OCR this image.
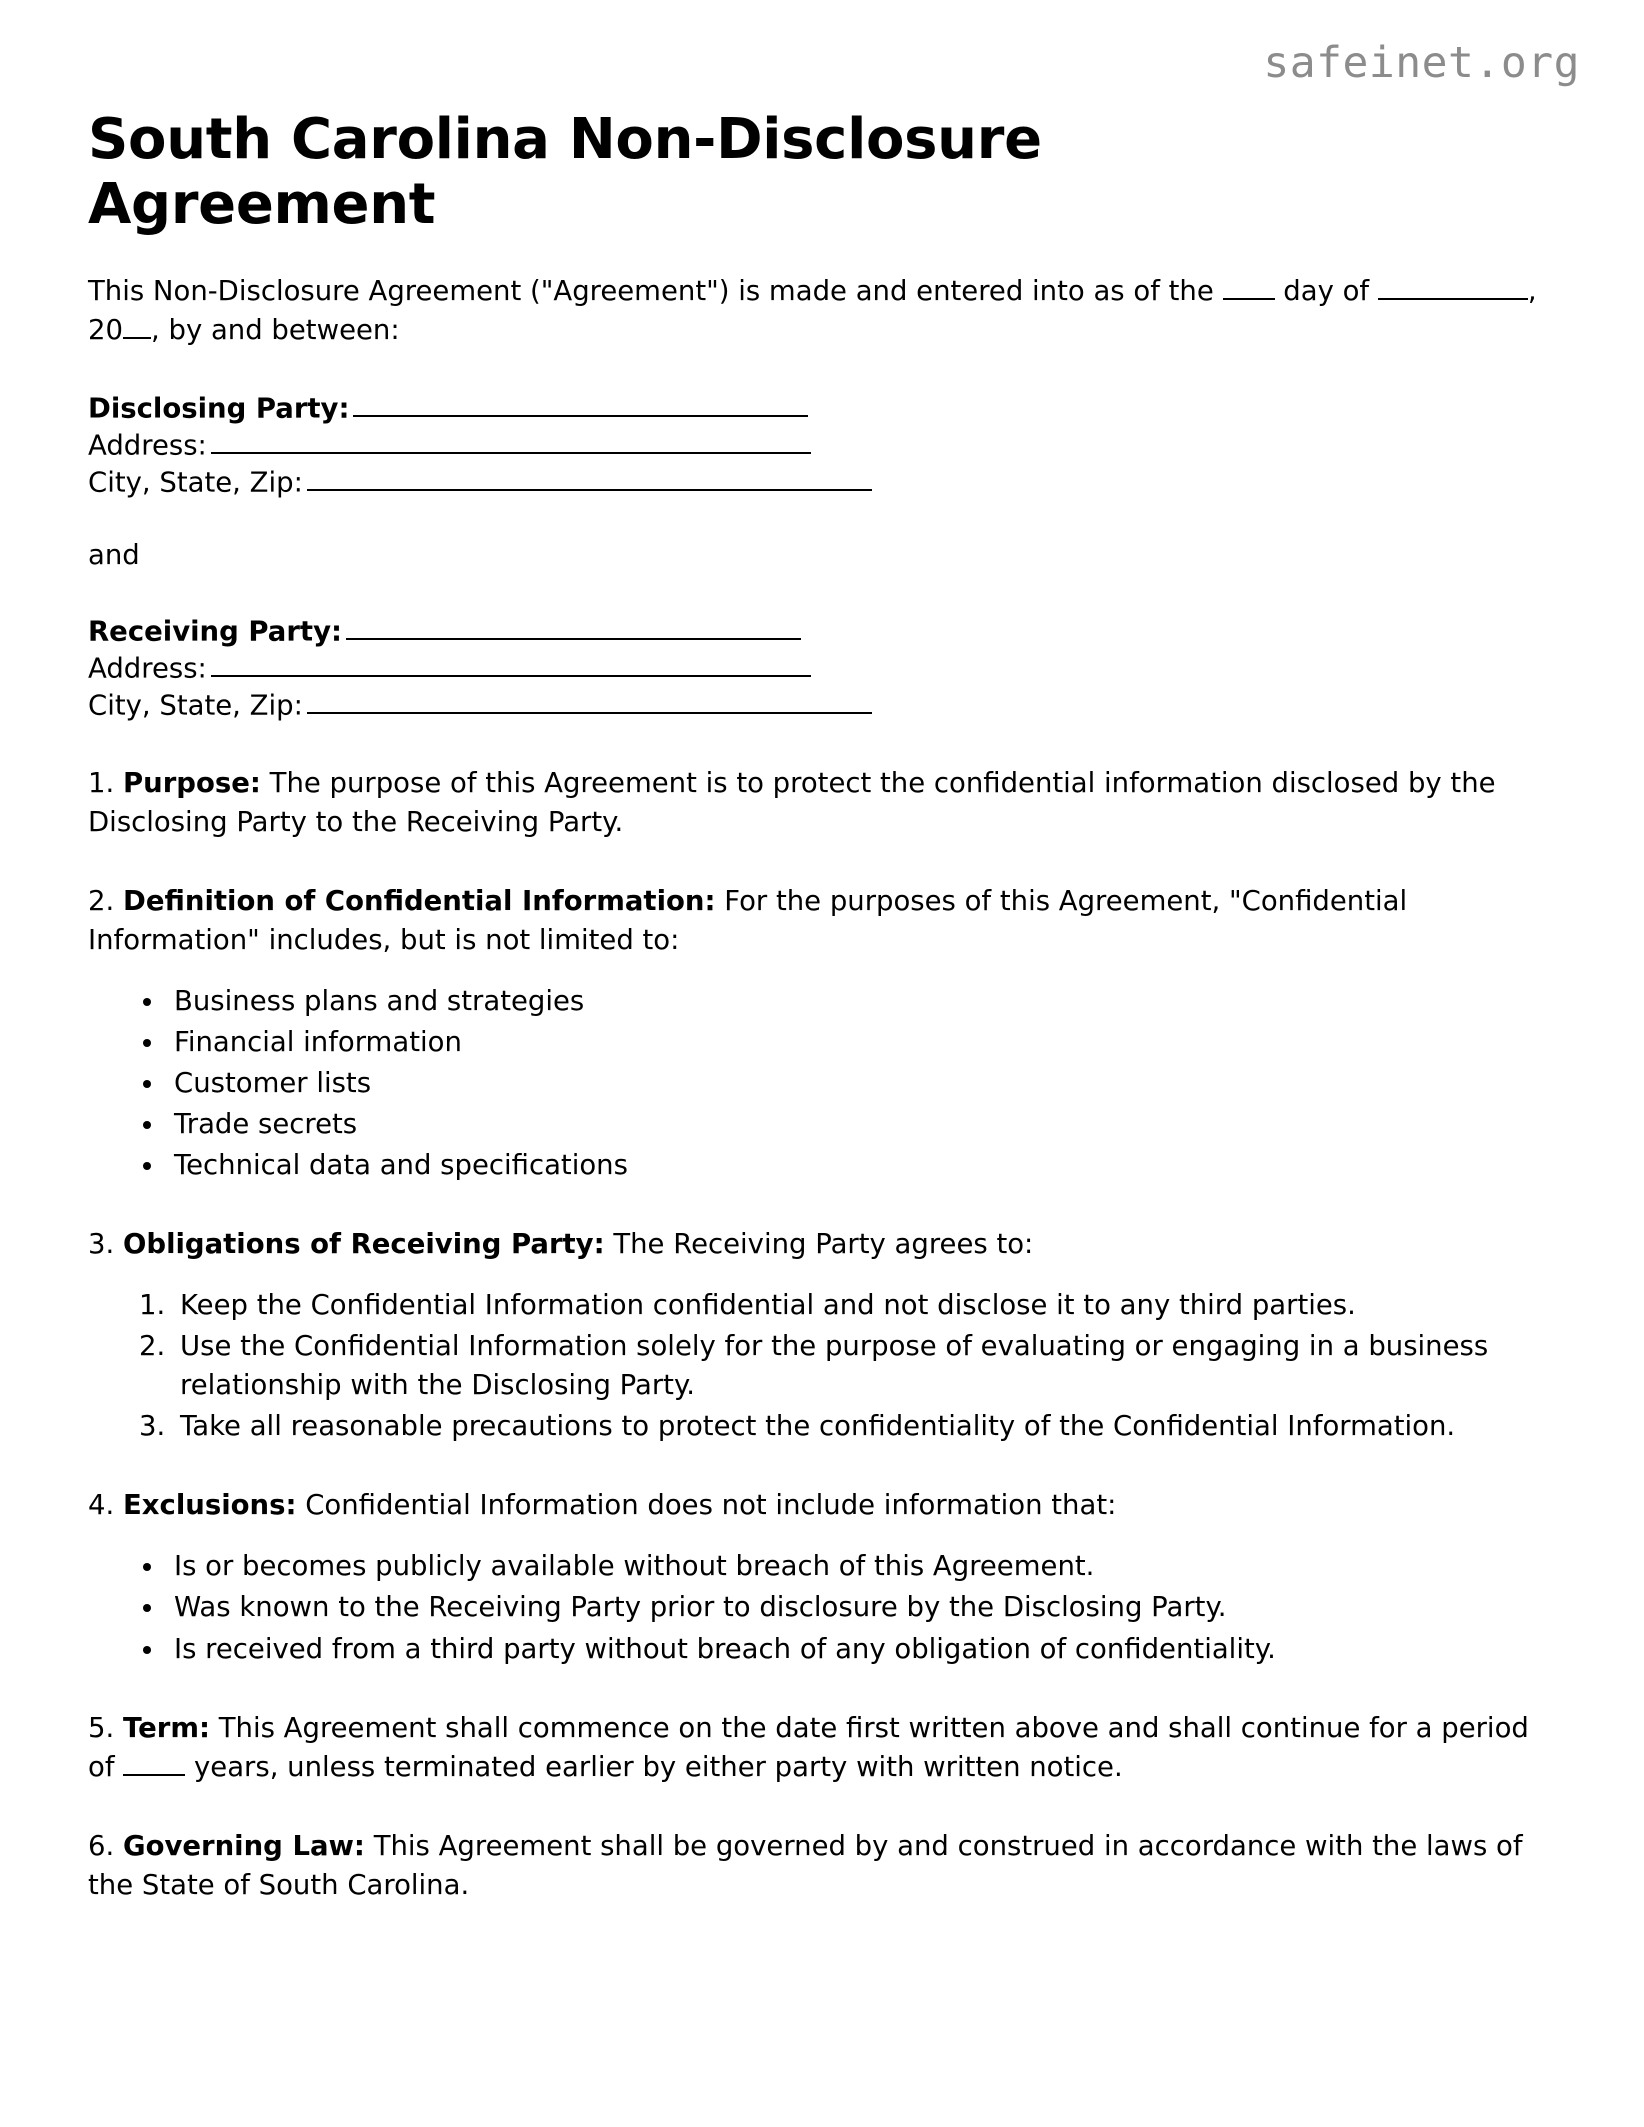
safeinet.org
South Carolina Non-Disclosure Agreement

This Non-Disclosure Agreement ("Agreement") is made and entered into as of the	day of	, 20 , by and between:

Disclosing Party:
Address:
City, State, Zip:
and
Receiving Party:
Address:
City, State, Zip:
1. Purpose: The purpose of this Agreement is to protect the confidential information disclosed by the Disclosing Party to the Receiving Party.
2. Definition of Confidential Information: For the purposes of this Agreement, "Confidential Information" includes, but is not limited to:
• Business plans and strategies
• Financial information
• Customer lists
• Trade secrets
• Technical data and specifications
3. Obligations of Receiving Party: The Receiving Party agrees to:
1. Keep the Confidential Information confidential and not disclose it to any third parties.
2. Use the Confidential Information solely for the purpose of evaluating or engaging in a business relationship with the Disclosing Party.
3. Take all reasonable precautions to protect the confidentiality of the Confidential Information.
4. Exclusions: Confidential Information does not include information that:
• Is or becomes publicly available without breach of this Agreement.
• Was known to the Receiving Party prior to disclosure by the Disclosing Party.
• Is received from a third party without breach of any obligation of confidentiality.
5. Term: This Agreement shall commence on the date first written above and shall continue for a period of	years, unless terminated earlier by either party with written notice.
6. Governing Law: This Agreement shall be governed by and construed in accordance with the laws of the State of South Carolina.
